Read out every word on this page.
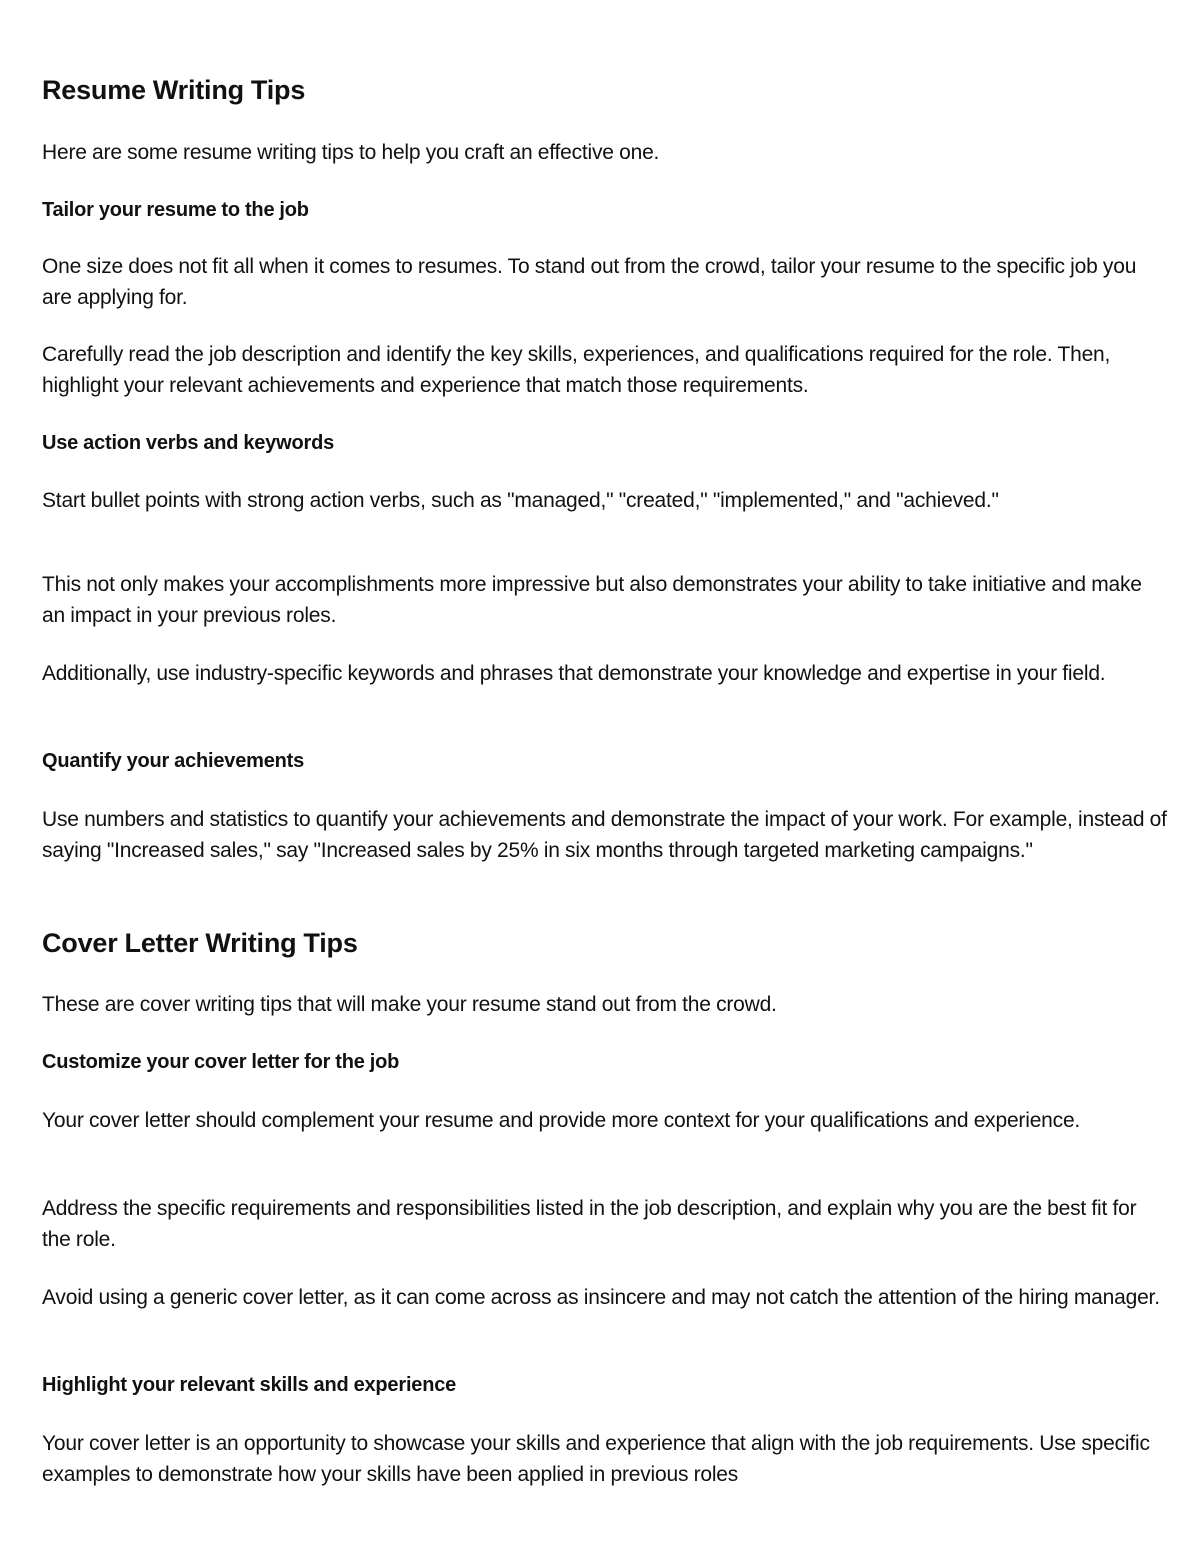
Resume Writing Tips

Here are some resume writing tips to help you craft an effective one.

Tailor your resume to the job

One size does not fit all when it comes to resumes. To stand out from the crowd, tailor your resume to the specific job you are applying for.

Carefully read the job description and identify the key skills, experiences, and qualifications required for the role. Then, highlight your relevant achievements and experience that match those requirements.

Use action verbs and keywords

Start bullet points with strong action verbs, such as "managed," "created," "implemented," and "achieved."

This not only makes your accomplishments more impressive but also demonstrates your ability to take initiative and make an impact in your previous roles.

Additionally, use industry-specific keywords and phrases that demonstrate your knowledge and expertise in your field.

Quantify your achievements

Use numbers and statistics to quantify your achievements and demonstrate the impact of your work. For example, instead of saying "Increased sales," say "Increased sales by 25% in six months through targeted marketing campaigns."

Cover Letter Writing Tips

These are cover writing tips that will make your resume stand out from the crowd.

Customize your cover letter for the job

Your cover letter should complement your resume and provide more context for your qualifications and experience.

Address the specific requirements and responsibilities listed in the job description, and explain why you are the best fit for the role.

Avoid using a generic cover letter, as it can come across as insincere and may not catch the attention of the hiring manager.

Highlight your relevant skills and experience

Your cover letter is an opportunity to showcase your skills and experience that align with the job requirements. Use specific examples to demonstrate how your skills have been applied in previous roles
